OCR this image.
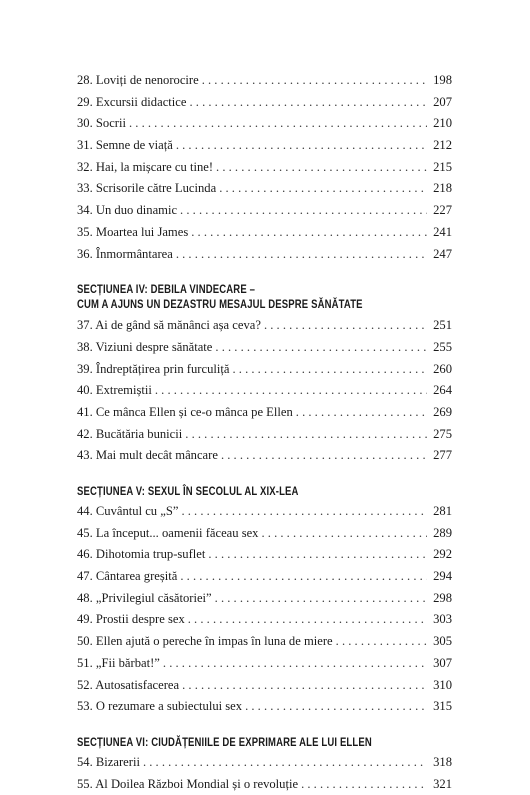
28. Loviți de nenorocire . . .	198
29. Excursii didactice . . .	207
30. Socrii . . .	210
31. Semne de viață . . .	212
32. Hai, la mișcare cu tine! . . .	215
33. Scrisorile către Lucinda . . .	218
34. Un duo dinamic . . .	227
35. Moartea lui James . . .	241
36. Înmormântarea . . .	247
SECȚIUNEA IV: DEBILA VINDECARE –
CUM A AJUNS UN DEZASTRU MESAJUL DESPRE SĂNĂTATE
37. Ai de gând să mănânci așa ceva? . . .	251
38. Viziuni despre sănătate . . .	255
39. Îndreptățirea prin furculiță . . .	260
40. Extremiștii . . .	264
41. Ce mânca Ellen și ce-o mânca pe Ellen . . .	269
42. Bucătăria bunicii . . .	275
43. Mai mult decât mâncare . . .	277
SECȚIUNEA V: SEXUL ÎN SECOLUL AL XIX-LEA
44. Cuvântul cu „S” . . .	281
45. La început... oamenii făceau sex . . .	289
46. Dihotomia trup-suflet . . .	292
47. Cântarea greșită . . .	294
48. „Privilegiul căsătoriei” . . .	298
49. Prostii despre sex . . .	303
50. Ellen ajută o pereche în impas în luna de miere . . .	305
51. „Fii bărbat!” . . .	307
52. Autosatisfacerea . . .	310
53. O rezumare a subiectului sex . . .	315
SECȚIUNEA VI: CIUDĂȚENIILE DE EXPRIMARE ALE LUI ELLEN
54. Bizarerii . . .	318
55. Al Doilea Război Mondial și o revoluție . . .	321
